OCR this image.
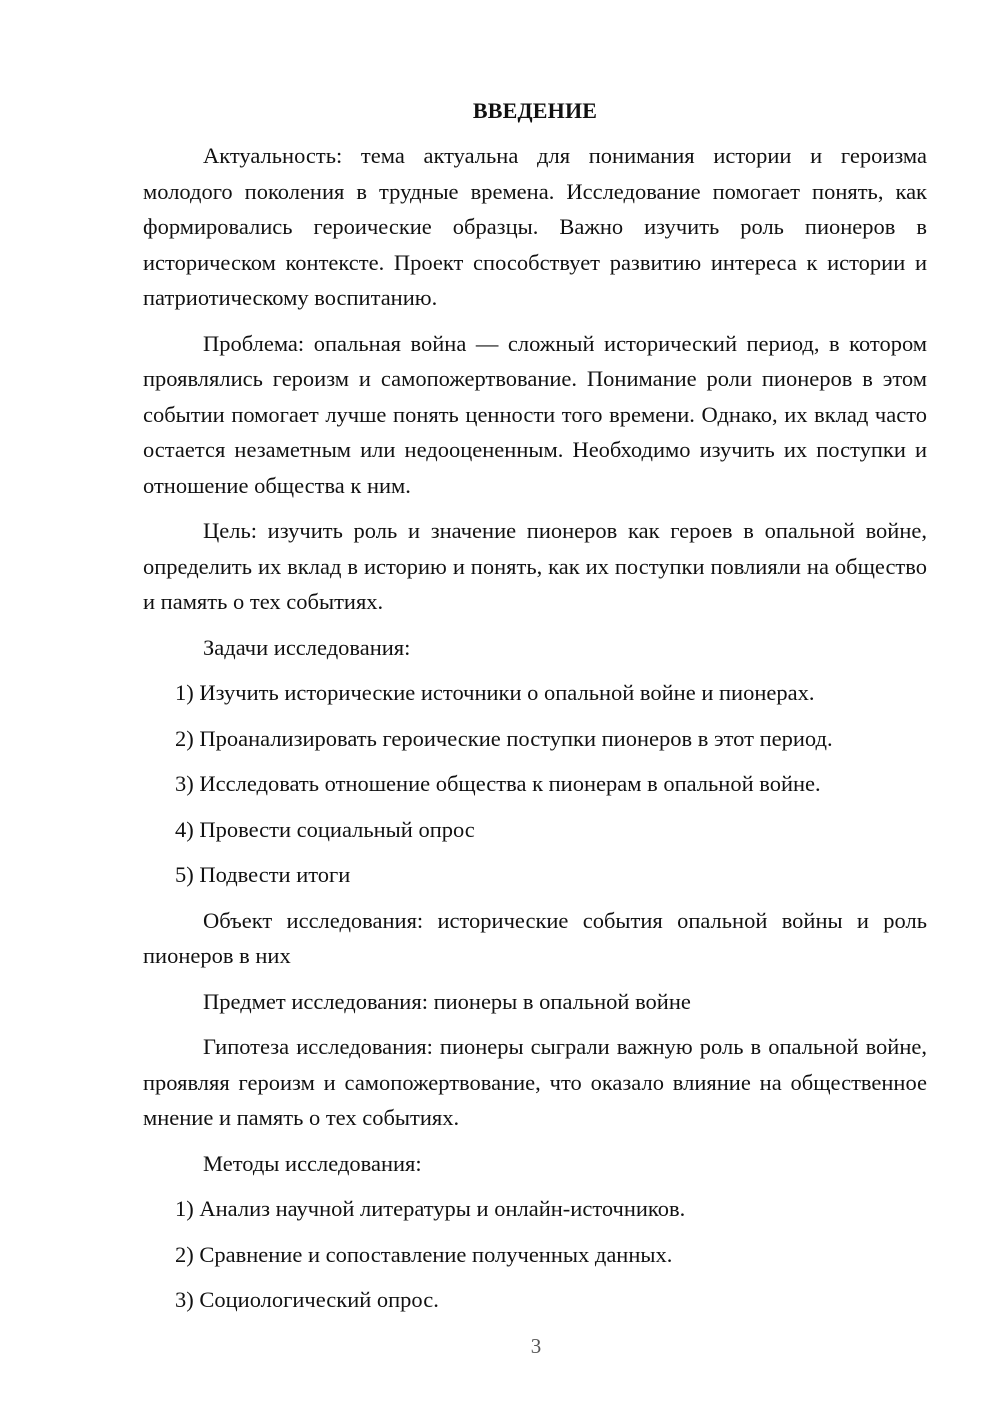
ВВЕДЕНИЕ

Актуальность: тема актуальна для понимания истории и героизма молодого поколения в трудные времена. Исследование помогает понять, как формировались героические образцы. Важно изучить роль пионеров в историческом контексте. Проект способствует развитию интереса к истории и патриотическому воспитанию.

Проблема: опальная война — сложный исторический период, в котором проявлялись героизм и самопожертвование. Понимание роли пионеров в этом событии помогает лучше понять ценности того времени. Однако, их вклад часто остается незаметным или недооцененным. Необходимо изучить их поступки и отношение общества к ним.

Цель: изучить роль и значение пионеров как героев в опальной войне, определить их вклад в историю и понять, как их поступки повлияли на общество и память о тех событиях.

Задачи исследования:
1) Изучить исторические источники о опальной войне и пионерах.
2) Проанализировать героические поступки пионеров в этот период.
3) Исследовать отношение общества к пионерам в опальной войне.
4) Провести социальный опрос
5) Подвести итоги

Объект исследования: исторические события опальной войны и роль пионеров в них

Предмет исследования: пионеры в опальной войне

Гипотеза исследования: пионеры сыграли важную роль в опальной войне, проявляя героизм и самопожертвование, что оказало влияние на общественное мнение и память о тех событиях.

Методы исследования:
1) Анализ научной литературы и онлайн-источников.
2) Сравнение и сопоставление полученных данных.
3) Социологический опрос.
3
